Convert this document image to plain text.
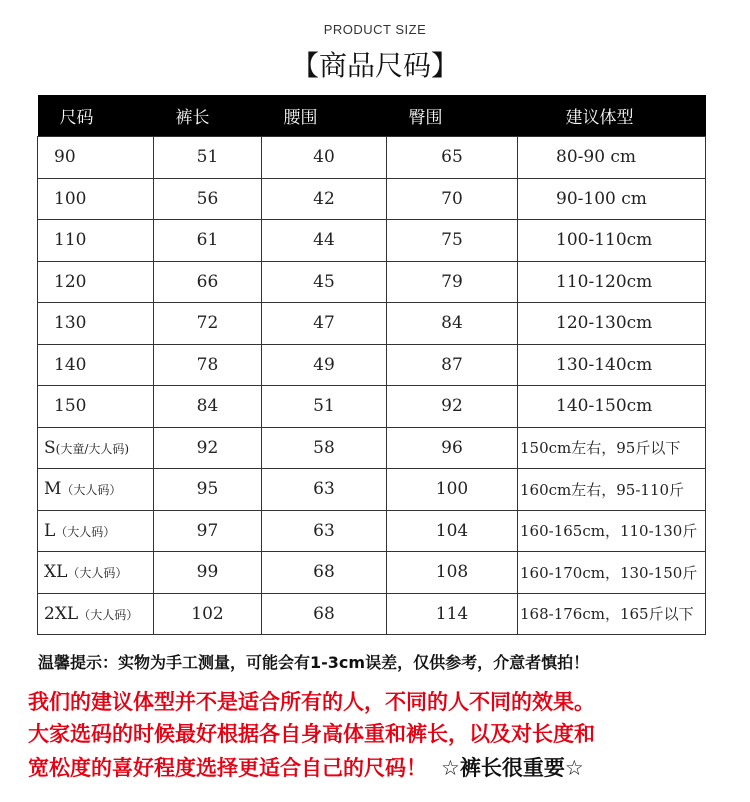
PRODUCT SIZE
【商品尺码】
尺码	裤长	腰围	臀围	建议体型
90	51	40	65	80-90 cm
100	56	42	70	90-100 cm
110	61	44	75	100-110cm
120	66	45	79	110-120cm
130	72	47	84	120-130cm
140	78	49	87	130-140cm
150	84	51	92	140-150cm
S(大童/大人码)	92	58	96	150cm左右，95斤以下
M（大人码）	95	63	100	160cm左右，95-110斤
L（大人码）	97	63	104	160-165cm，110-130斤
XL（大人码）	99	68	108	160-170cm，130-150斤
2XL（大人码）	102	68	114	168-176cm，165斤以下
温馨提示：实物为手工测量，可能会有1-3cm误差，仅供参考，介意者慎拍！
我们的建议体型并不是适合所有的人，不同的人不同的效果。
大家选码的时候最好根据各自身高体重和裤长，以及对长度和
宽松度的喜好程度选择更适合自己的尺码！ ☆裤长很重要☆
